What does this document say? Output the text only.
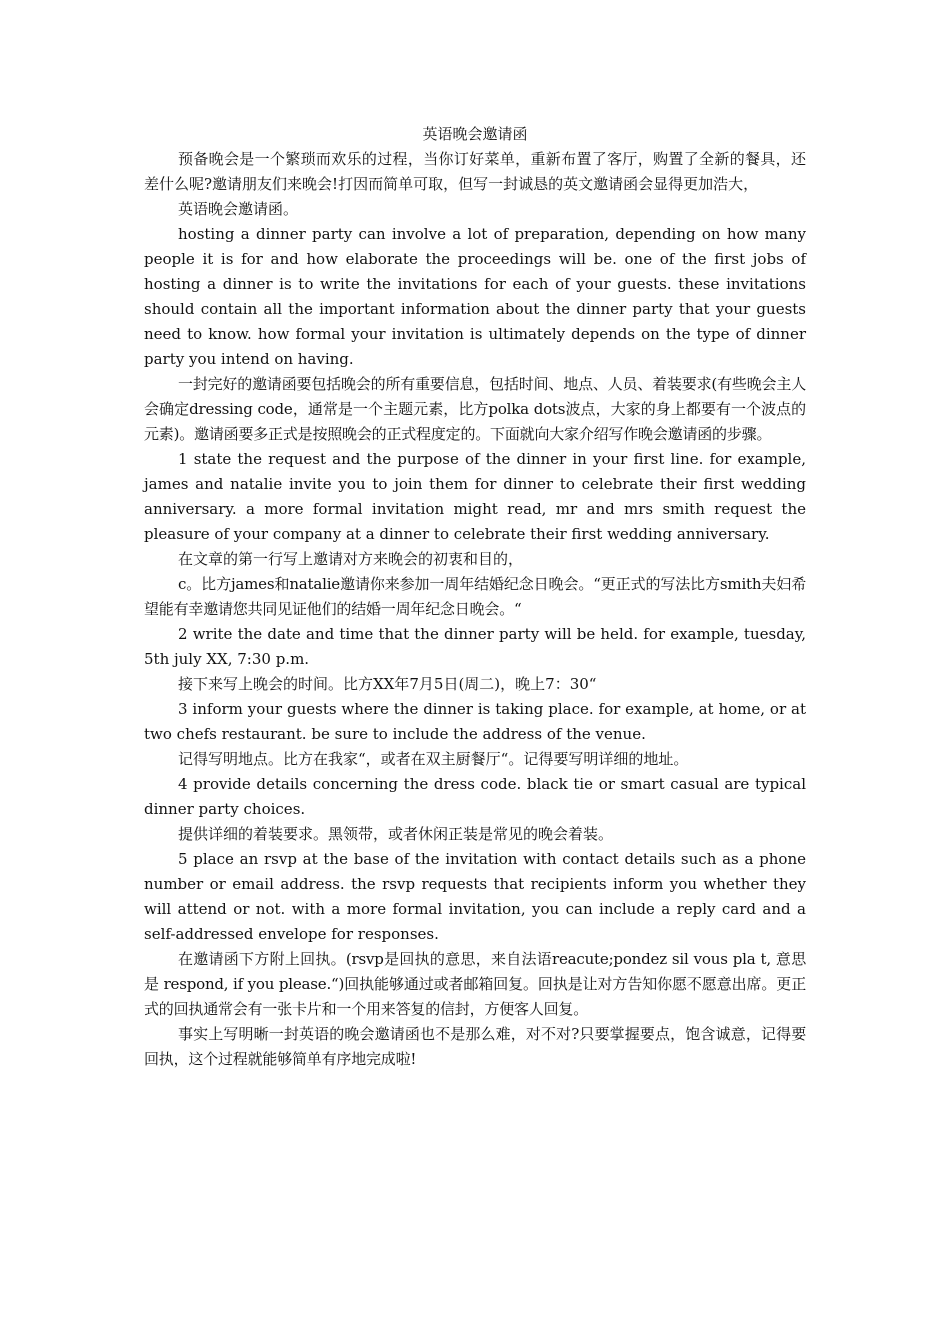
英语晚会邀请函

预备晚会是一个繁琐而欢乐的过程，当你订好菜单，重新布置了客厅，购置了全新的餐具，还差什么呢?邀请朋友们来晚会!打因而简单可取，但写一封诚恳的英文邀请函会显得更加浩大，

英语晚会邀请函。

hosting a dinner party can involve a lot of preparation, depending on how many people it is for and how elaborate the proceedings will be. one of the first jobs of hosting a dinner is to write the invitations for each of your guests. these invitations should contain all the important information about the dinner party that your guests need to know. how formal your invitation is ultimately depends on the type of dinner party you intend on having.

一封完好的邀请函要包括晚会的所有重要信息，包括时间、地点、人员、着装要求(有些晚会主人会确定dressing code，通常是一个主题元素，比方polka dots波点，大家的身上都要有一个波点的元素)。邀请函要多正式是按照晚会的正式程度定的。下面就向大家介绍写作晚会邀请函的步骤。

1 state the request and the purpose of the dinner in your first line. for example, james and natalie invite you to join them for dinner to celebrate their first wedding anniversary. a more formal invitation might read, mr and mrs smith request the pleasure of your company at a dinner to celebrate their first wedding anniversary.

在文章的第一行写上邀请对方来晚会的初衷和目的，

c。比方james和natalie邀请你来参加一周年结婚纪念日晚会。“更正式的写法比方smith夫妇希望能有幸邀请您共同见证他们的结婚一周年纪念日晚会。“

2 write the date and time that the dinner party will be held. for example, tuesday, 5th july XX, 7:30 p.m.

接下来写上晚会的时间。比方XX年7月5日(周二)，晚上7：30“

3 inform your guests where the dinner is taking place. for example, at home, or at two chefs restaurant. be sure to include the address of the venue.

记得写明地点。比方在我家“，或者在双主厨餐厅“。记得要写明详细的地址。

4 provide details concerning the dress code. black tie or smart casual are typical dinner party choices.

提供详细的着装要求。黑领带，或者休闲正装是常见的晚会着装。

5 place an rsvp at the base of the invitation with contact details such as a phone number or email address. the rsvp requests that recipients inform you whether they will attend or not. with a more formal invitation, you can include a reply card and a self-addressed envelope for responses.

在邀请函下方附上回执。(rsvp是回执的意思，来自法语reacute;pondez sil vous pla t, 意思是 respond, if you please.“)回执能够通过或者邮箱回复。回执是让对方告知你愿不愿意出席。更正式的回执通常会有一张卡片和一个用来答复的信封，方便客人回复。

事实上写明晰一封英语的晚会邀请函也不是那么难，对不对?只要掌握要点，饱含诚意，记得要回执，这个过程就能够简单有序地完成啦!
